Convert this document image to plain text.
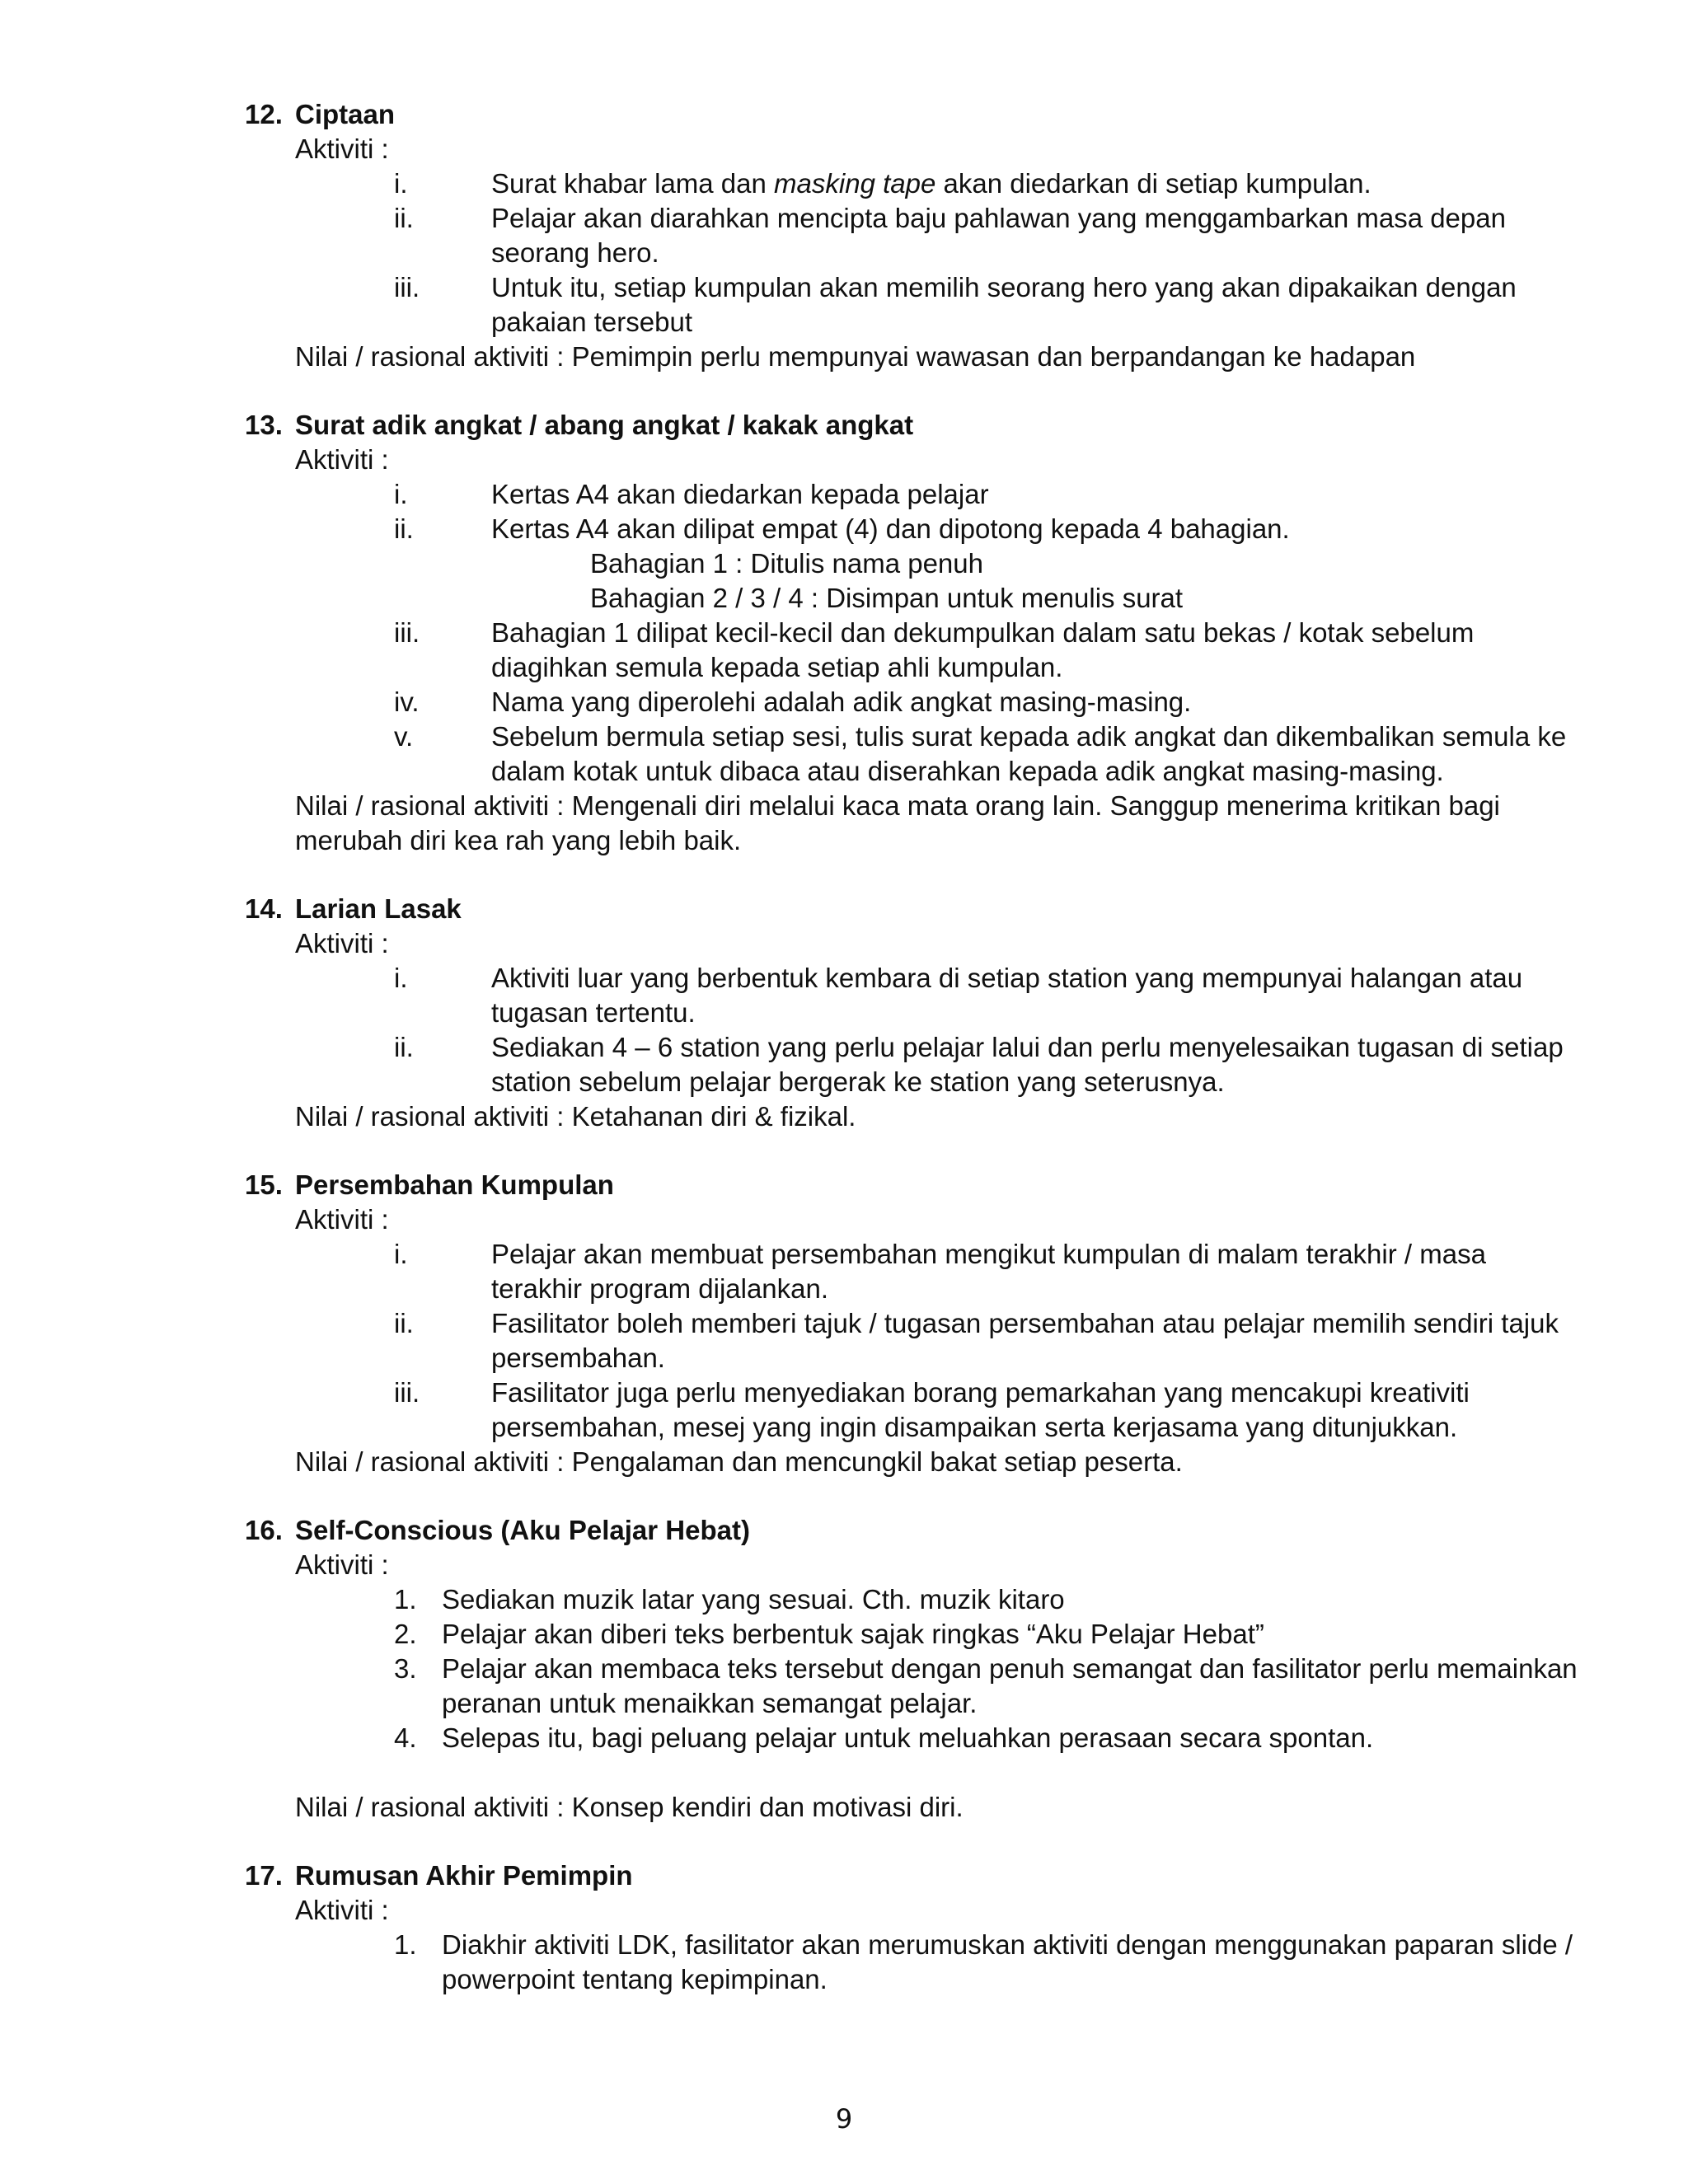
12. Ciptaan
Aktiviti :
i.	Surat khabar lama dan masking tape akan diedarkan di setiap kumpulan.
ii.	Pelajar akan diarahkan mencipta baju pahlawan yang menggambarkan masa depan
seorang hero.
iii.	Untuk itu, setiap kumpulan akan memilih seorang hero yang akan dipakaikan dengan
pakaian tersebut
Nilai / rasional aktiviti : Pemimpin perlu mempunyai wawasan dan berpandangan ke hadapan
13. Surat adik angkat / abang angkat / kakak angkat
Aktiviti :
i.	Kertas A4 akan diedarkan kepada pelajar
ii.	Kertas A4 akan dilipat empat (4) dan dipotong kepada 4 bahagian.
Bahagian 1 : Ditulis nama penuh
Bahagian 2 / 3 / 4 : Disimpan untuk menulis surat
iii.	Bahagian 1 dilipat kecil-kecil dan dekumpulkan dalam satu bekas / kotak sebelum
diagihkan semula kepada setiap ahli kumpulan.
iv.	Nama yang diperolehi adalah adik angkat masing-masing.
v.	Sebelum bermula setiap sesi, tulis surat kepada adik angkat dan dikembalikan semula ke
dalam kotak untuk dibaca atau diserahkan kepada adik angkat masing-masing.
Nilai / rasional aktiviti : Mengenali diri melalui kaca mata orang lain. Sanggup menerima kritikan bagi
merubah diri kea rah yang lebih baik.
14. Larian Lasak
Aktiviti :
i.	Aktiviti luar yang berbentuk kembara di setiap station yang mempunyai halangan atau
tugasan tertentu.
ii.	Sediakan 4 – 6 station yang perlu pelajar lalui dan perlu menyelesaikan tugasan di setiap
station sebelum pelajar bergerak ke station yang seterusnya.
Nilai / rasional aktiviti : Ketahanan diri & fizikal.
15. Persembahan Kumpulan
Aktiviti :
i.	Pelajar akan membuat persembahan mengikut kumpulan di malam terakhir / masa
terakhir program dijalankan.
ii.	Fasilitator boleh memberi tajuk / tugasan persembahan atau pelajar memilih sendiri tajuk
persembahan.
iii.	Fasilitator juga perlu menyediakan borang pemarkahan yang mencakupi kreativiti
persembahan, mesej yang ingin disampaikan serta kerjasama yang ditunjukkan.
Nilai / rasional aktiviti : Pengalaman dan mencungkil bakat setiap peserta.
16. Self-Conscious (Aku Pelajar Hebat)
Aktiviti :
1. Sediakan muzik latar yang sesuai. Cth. muzik kitaro
2. Pelajar akan diberi teks berbentuk sajak ringkas “Aku Pelajar Hebat”
3. Pelajar akan membaca teks tersebut dengan penuh semangat dan fasilitator perlu memainkan
peranan untuk menaikkan semangat pelajar.
4. Selepas itu, bagi peluang pelajar untuk meluahkan perasaan secara spontan.
Nilai / rasional aktiviti : Konsep kendiri dan motivasi diri.
17. Rumusan Akhir Pemimpin
Aktiviti :
1. Diakhir aktiviti LDK, fasilitator akan merumuskan aktiviti dengan menggunakan paparan slide /
powerpoint tentang kepimpinan.
9
